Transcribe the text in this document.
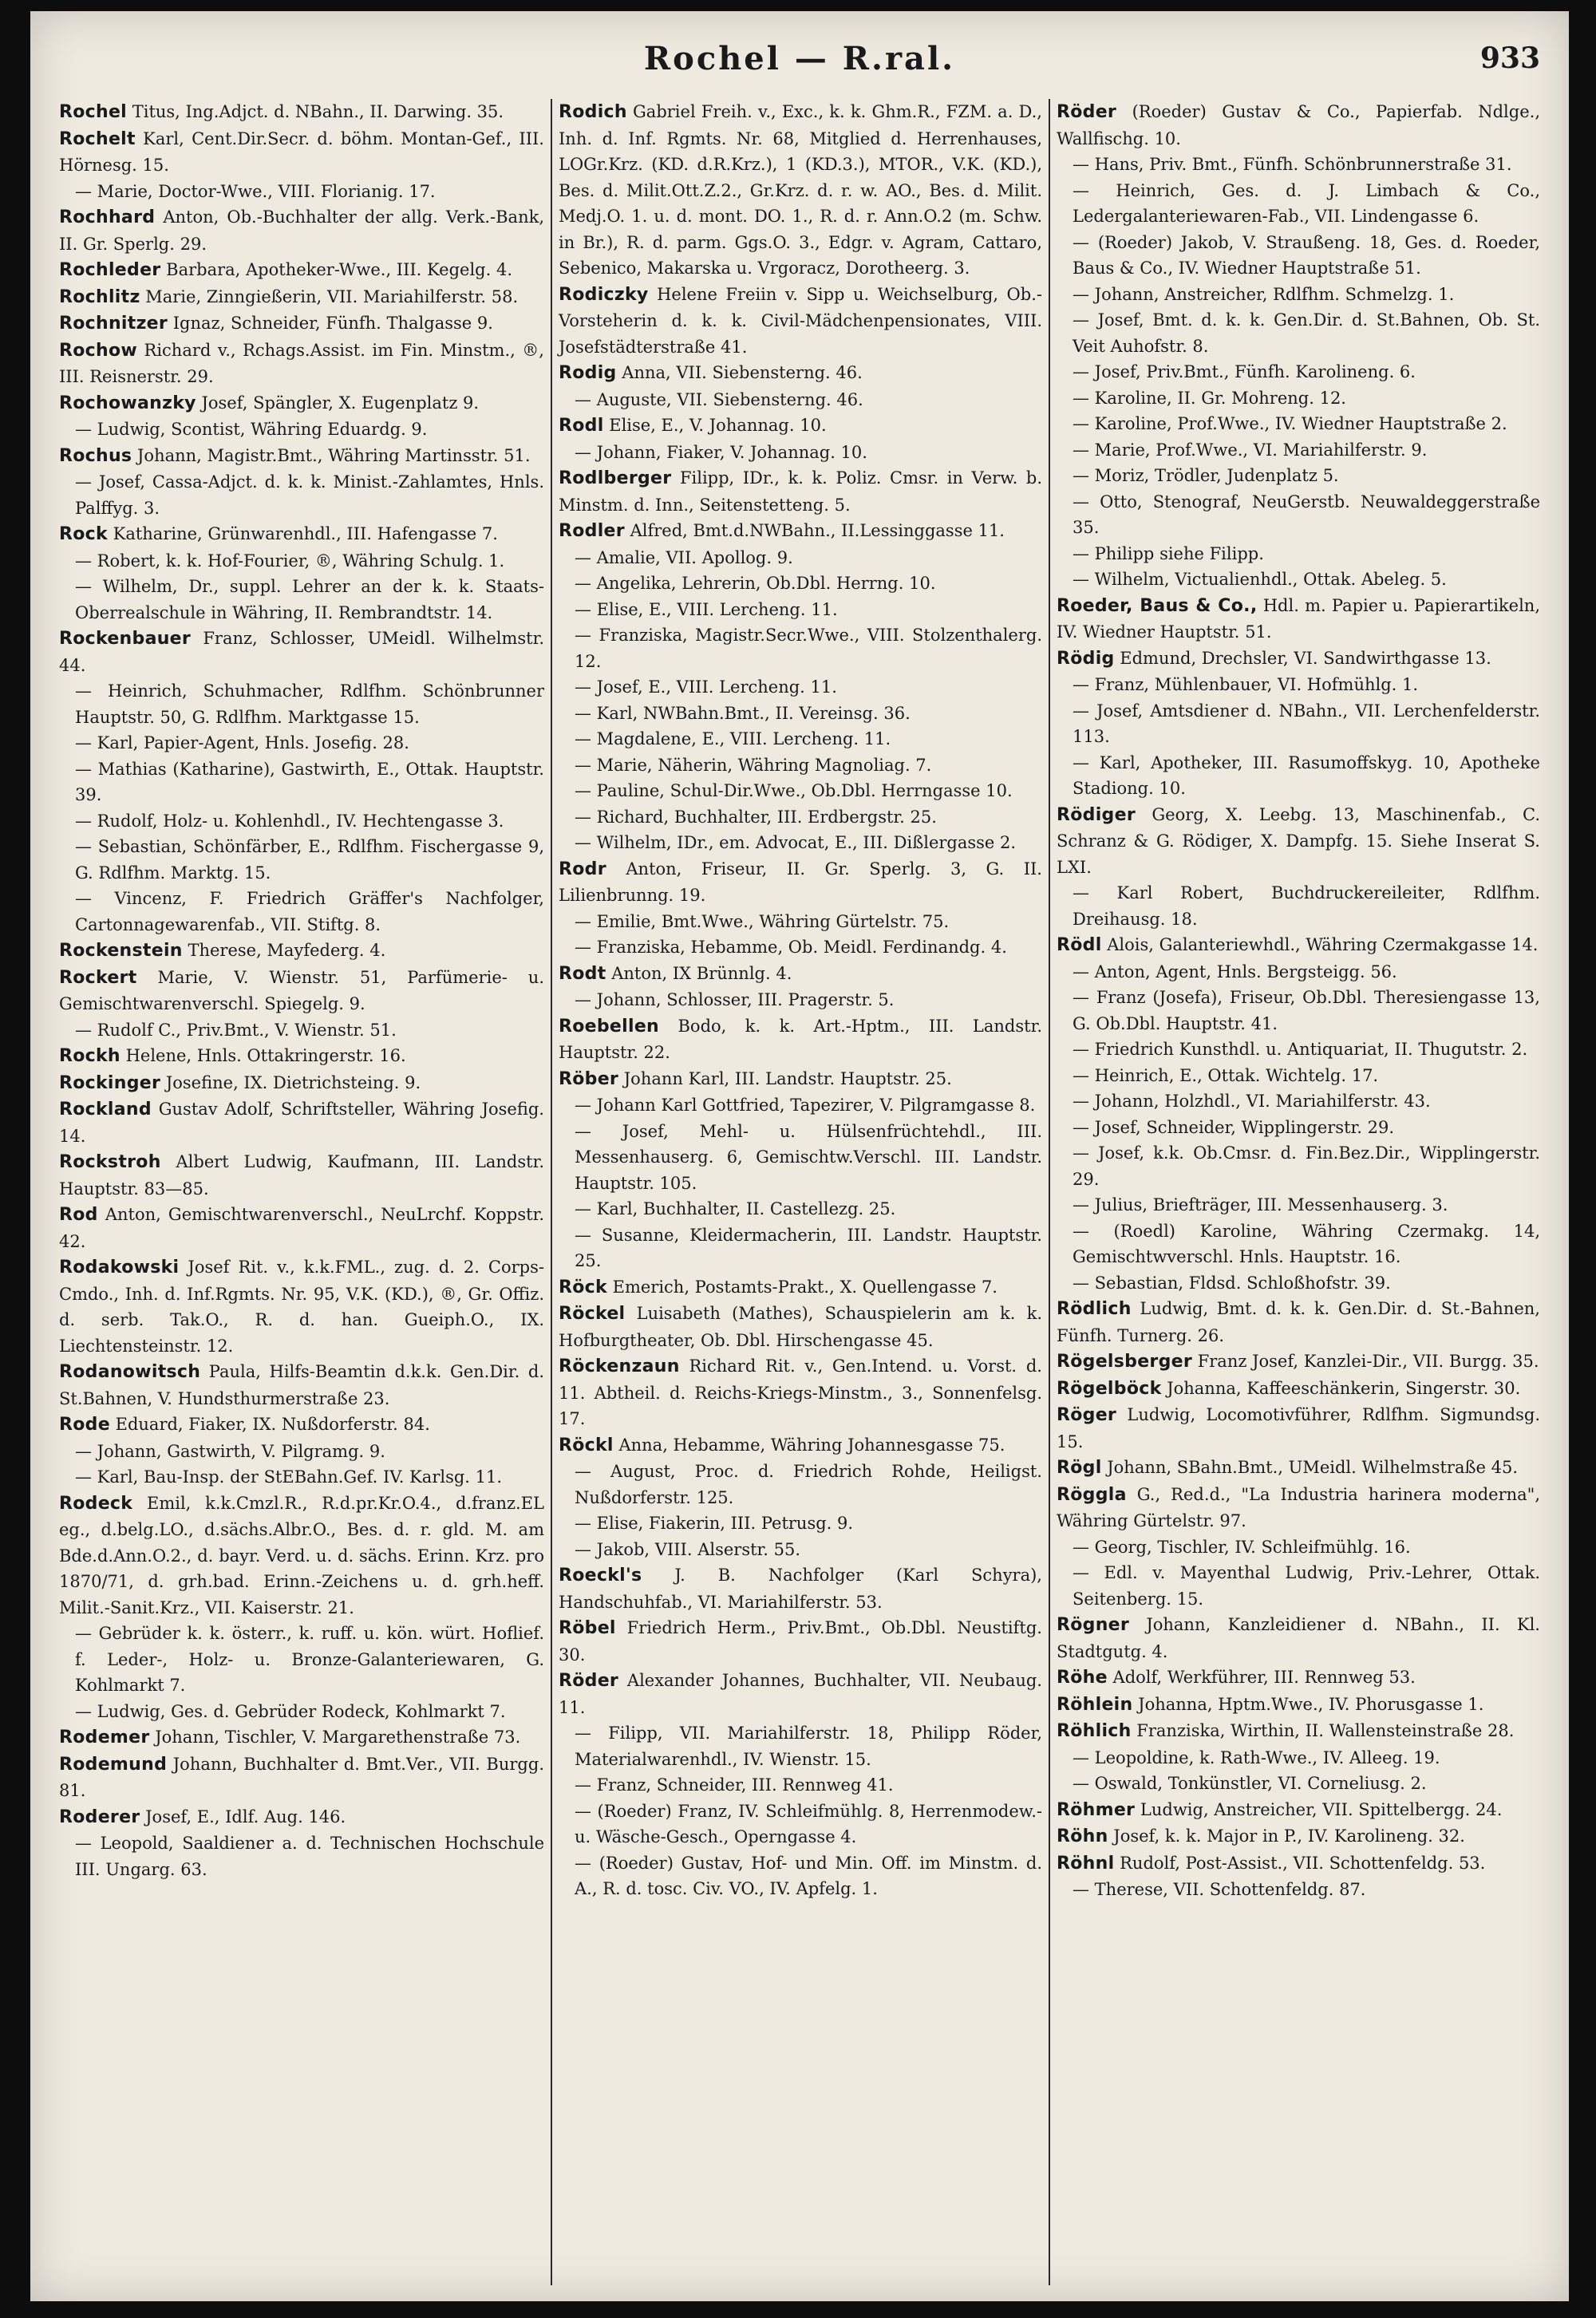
Rochel — R.ral.	933
Rochel Titus, Ing.Adjct. d. NBahn., II. Darwing. 35.
Rochelt Karl, Cent.Dir.Secr. d. böhm. Montan-Gef., III. Hörnesg. 15.
— Marie, Doctor-Wwe., VIII. Florianig. 17.
Rochhard Anton, Ob.-Buchhalter der allg. Verk.-Bank, II. Gr. Sperlg. 29.
Rochleder Barbara, Apotheker-Wwe., III. Kegelg. 4.
Rochlitz Marie, Zinngießerin, VII. Mariahilferstr. 58.
Rochnitzer Ignaz, Schneider, Fünfh. Thalgasse 9.
Rochow Richard v., Rchags.Assist. im Fin. Minstm., ®, III. Reisnerstr. 29.
Rochowanzky Josef, Spängler, X. Eugenplatz 9.
— Ludwig, Scontist, Währing Eduardg. 9.
Rochus Johann, Magistr.Bmt., Währing Martinsstr. 51.
— Josef, Cassa-Adjct. d. k. k. Minist.-Zahlamtes, Hnls. Palffyg. 3.
Rock Katharine, Grünwarenhdl., III. Hafengasse 7.
— Robert, k. k. Hof-Fourier, ®, Währing Schulg. 1.
— Wilhelm, Dr., suppl. Lehrer an der k. k. Staats-Oberrealschule in Währing, II. Rembrandtstr. 14.
Rockenbauer Franz, Schlosser, UMeidl. Wilhelmstr. 44.
— Heinrich, Schuhmacher, Rdlfhm. Schönbrunner Hauptstr. 50, G. Rdlfhm. Marktgasse 15.
— Karl, Papier-Agent, Hnls. Josefig. 28.
— Mathias (Katharine), Gastwirth, E., Ottak. Hauptstr. 39.
— Rudolf, Holz- u. Kohlenhdl., IV. Hechtengasse 3.
— Sebastian, Schönfärber, E., Rdlfhm. Fischergasse 9, G. Rdlfhm. Marktg. 15.
— Vincenz, F. Friedrich Gräffer's Nachfolger, Cartonnagewarenfab., VII. Stiftg. 8.
Rockenstein Therese, Mayfederg. 4.
Rockert Marie, V. Wienstr. 51, Parfümerie- u. Gemischtwarenverschl. Spiegelg. 9.
— Rudolf C., Priv.Bmt., V. Wienstr. 51.
Rockh Helene, Hnls. Ottakringerstr. 16.
Rockinger Josefine, IX. Dietrichsteing. 9.
Rockland Gustav Adolf, Schriftsteller, Währing Josefig. 14.
Rockstroh Albert Ludwig, Kaufmann, III. Landstr. Hauptstr. 83—85.
Rod Anton, Gemischtwarenverschl., NeuLrchf. Koppstr. 42.
Rodakowski Josef Rit. v., k.k.FML., zug. d. 2. Corps-Cmdo., Inh. d. Inf.Rgmts. Nr. 95, V.K. (KD.), ®, Gr. Offiz. d. serb. Tak.O., R. d. han. Gueiph.O., IX. Liechtensteinstr. 12.
Rodanowitsch Paula, Hilfs-Beamtin d.k.k. Gen.Dir. d. St.Bahnen, V. Hundsthurmerstraße 23.
Rode Eduard, Fiaker, IX. Nußdorferstr. 84.
— Johann, Gastwirth, V. Pilgramg. 9.
— Karl, Bau-Insp. der StEBahn.Gef. IV. Karlsg. 11.
Rodeck Emil, k.k.Cmzl.R., R.d.pr.Kr.O.4., d.franz.EL eg., d.belg.LO., d.sächs.Albr.O., Bes. d. r. gld. M. am Bde.d.Ann.O.2., d. bayr. Verd. u. d. sächs. Erinn. Krz. pro 1870/71, d. grh.bad. Erinn.-Zeichens u. d. grh.heff. Milit.-Sanit.Krz., VII. Kaiserstr. 21.
— Gebrüder k. k. österr., k. ruff. u. kön. würt. Hoflief. f. Leder-, Holz- u. Bronze-Galanteriewaren, G. Kohlmarkt 7.
— Ludwig, Ges. d. Gebrüder Rodeck, Kohlmarkt 7.
Rodemer Johann, Tischler, V. Margarethenstraße 73.
Rodemund Johann, Buchhalter d. Bmt.Ver., VII. Burgg. 81.
Roderer Josef, E., Idlf. Aug. 146.
— Leopold, Saaldiener a. d. Technischen Hochschule III. Ungarg. 63.
Rodich Gabriel Freih. v., Exc., k. k. Ghm.R., FZM. a. D., Inh. d. Inf. Rgmts. Nr. 68, Mitglied d. Herrenhauses, LOGr.Krz. (KD. d.R.Krz.), 1 (KD.3.), MTOR., V.K. (KD.), Bes. d. Milit.Ott.Z.2., Gr.Krz. d. r. w. AO., Bes. d. Milit. Medj.O. 1. u. d. mont. DO. 1., R. d. r. Ann.O.2 (m. Schw. in Br.), R. d. parm. Ggs.O. 3., Edgr. v. Agram, Cattaro, Sebenico, Makarska u. Vrgoracz, Dorotheerg. 3.
Rodiczky Helene Freiin v. Sipp u. Weichselburg, Ob.-Vorsteherin d. k. k. Civil-Mädchenpensionates, VIII. Josefstädterstraße 41.
Rodig Anna, VII. Siebensterng. 46.
— Auguste, VII. Siebensterng. 46.
Rodl Elise, E., V. Johannag. 10.
— Johann, Fiaker, V. Johannag. 10.
Rodlberger Filipp, IDr., k. k. Poliz. Cmsr. in Verw. b. Minstm. d. Inn., Seitenstetteng. 5.
Rodler Alfred, Bmt.d.NWBahn., II.Lessinggasse 11.
— Amalie, VII. Apollog. 9.
— Angelika, Lehrerin, Ob.Dbl. Herrng. 10.
— Elise, E., VIII. Lercheng. 11.
— Franziska, Magistr.Secr.Wwe., VIII. Stolzenthalerg. 12.
— Josef, E., VIII. Lercheng. 11.
— Karl, NWBahn.Bmt., II. Vereinsg. 36.
— Magdalene, E., VIII. Lercheng. 11.
— Marie, Näherin, Währing Magnoliag. 7.
— Pauline, Schul-Dir.Wwe., Ob.Dbl. Herrngasse 10.
— Richard, Buchhalter, III. Erdbergstr. 25.
— Wilhelm, IDr., em. Advocat, E., III. Dißlergasse 2.
Rodr Anton, Friseur, II. Gr. Sperlg. 3, G. II. Lilienbrunng. 19.
— Emilie, Bmt.Wwe., Währing Gürtelstr. 75.
— Franziska, Hebamme, Ob. Meidl. Ferdinandg. 4.
Rodt Anton, IX Brünnlg. 4.
— Johann, Schlosser, III. Pragerstr. 5.
Roebellen Bodo, k. k. Art.-Hptm., III. Landstr. Hauptstr. 22.
Röber Johann Karl, III. Landstr. Hauptstr. 25.
— Johann Karl Gottfried, Tapezirer, V. Pilgramgasse 8.
— Josef, Mehl- u. Hülsenfrüchtehdl., III. Messenhauserg. 6, Gemischtw.Verschl. III. Landstr. Hauptstr. 105.
— Karl, Buchhalter, II. Castellezg. 25.
— Susanne, Kleidermacherin, III. Landstr. Hauptstr. 25.
Röck Emerich, Postamts-Prakt., X. Quellengasse 7.
Röckel Luisabeth (Mathes), Schauspielerin am k. k. Hofburgtheater, Ob. Dbl. Hirschengasse 45.
Röckenzaun Richard Rit. v., Gen.Intend. u. Vorst. d. 11. Abtheil. d. Reichs-Kriegs-Minstm., 3., Sonnenfelsg. 17.
Röckl Anna, Hebamme, Währing Johannesgasse 75.
— August, Proc. d. Friedrich Rohde, Heiligst. Nußdorferstr. 125.
— Elise, Fiakerin, III. Petrusg. 9.
— Jakob, VIII. Alserstr. 55.
Roeckl's J. B. Nachfolger (Karl Schyra), Handschuhfab., VI. Mariahilferstr. 53.
Röbel Friedrich Herm., Priv.Bmt., Ob.Dbl. Neustiftg. 30.
Röder Alexander Johannes, Buchhalter, VII. Neubaug. 11.
— Filipp, VII. Mariahilferstr. 18, Philipp Röder, Materialwarenhdl., IV. Wienstr. 15.
— Franz, Schneider, III. Rennweg 41.
— (Roeder) Franz, IV. Schleifmühlg. 8, Herrenmodew.- u. Wäsche-Gesch., Operngasse 4.
— (Roeder) Gustav, Hof- und Min. Off. im Minstm. d. A., R. d. tosc. Civ. VO., IV. Apfelg. 1.
Röder (Roeder) Gustav & Co., Papierfab. Ndlge., Wallfischg. 10.
— Hans, Priv. Bmt., Fünfh. Schönbrunnerstraße 31.
— Heinrich, Ges. d. J. Limbach & Co., Ledergalanteriewaren-Fab., VII. Lindengasse 6.
— (Roeder) Jakob, V. Straußeng. 18, Ges. d. Roeder, Baus & Co., IV. Wiedner Hauptstraße 51.
— Johann, Anstreicher, Rdlfhm. Schmelzg. 1.
— Josef, Bmt. d. k. k. Gen.Dir. d. St.Bahnen, Ob. St. Veit Auhofstr. 8.
— Josef, Priv.Bmt., Fünfh. Karolineng. 6.
— Karoline, II. Gr. Mohreng. 12.
— Karoline, Prof.Wwe., IV. Wiedner Hauptstraße 2.
— Marie, Prof.Wwe., VI. Mariahilferstr. 9.
— Moriz, Trödler, Judenplatz 5.
— Otto, Stenograf, NeuGerstb. Neuwaldeggerstraße 35.
— Philipp siehe Filipp.
— Wilhelm, Victualienhdl., Ottak. Abeleg. 5.
Roeder, Baus & Co., Hdl. m. Papier u. Papierartikeln, IV. Wiedner Hauptstr. 51.
Rödig Edmund, Drechsler, VI. Sandwirthgasse 13.
— Franz, Mühlenbauer, VI. Hofmühlg. 1.
— Josef, Amtsdiener d. NBahn., VII. Lerchenfelderstr. 113.
— Karl, Apotheker, III. Rasumoffskyg. 10, Apotheke Stadiong. 10.
Rödiger Georg, X. Leebg. 13, Maschinenfab., C. Schranz & G. Rödiger, X. Dampfg. 15. Siehe Inserat S. LXI.
— Karl Robert, Buchdruckereileiter, Rdlfhm. Dreihausg. 18.
Rödl Alois, Galanteriewhdl., Währing Czermakgasse 14.
— Anton, Agent, Hnls. Bergsteigg. 56.
— Franz (Josefa), Friseur, Ob.Dbl. Theresiengasse 13, G. Ob.Dbl. Hauptstr. 41.
— Friedrich Kunsthdl. u. Antiquariat, II. Thugutstr. 2.
— Heinrich, E., Ottak. Wichtelg. 17.
— Johann, Holzhdl., VI. Mariahilferstr. 43.
— Josef, Schneider, Wipplingerstr. 29.
— Josef, k.k. Ob.Cmsr. d. Fin.Bez.Dir., Wipplingerstr. 29.
— Julius, Briefträger, III. Messenhauserg. 3.
— (Roedl) Karoline, Währing Czermakg. 14, Gemischtwverschl. Hnls. Hauptstr. 16.
— Sebastian, Fldsd. Schloßhofstr. 39.
Rödlich Ludwig, Bmt. d. k. k. Gen.Dir. d. St.-Bahnen, Fünfh. Turnerg. 26.
Rögelsberger Franz Josef, Kanzlei-Dir., VII. Burgg. 35.
Rögelböck Johanna, Kaffeeschänkerin, Singerstr. 30.
Röger Ludwig, Locomotivführer, Rdlfhm. Sigmundsg. 15.
Rögl Johann, SBahn.Bmt., UMeidl. Wilhelmstraße 45.
Röggla G., Red.d., "La Industria harinera moderna", Währing Gürtelstr. 97.
— Georg, Tischler, IV. Schleifmühlg. 16.
— Edl. v. Mayenthal Ludwig, Priv.-Lehrer, Ottak. Seitenberg. 15.
Rögner Johann, Kanzleidiener d. NBahn., II. Kl. Stadtgutg. 4.
Röhe Adolf, Werkführer, III. Rennweg 53.
Röhlein Johanna, Hptm.Wwe., IV. Phorusgasse 1.
Röhlich Franziska, Wirthin, II. Wallensteinstraße 28.
— Leopoldine, k. Rath-Wwe., IV. Alleeg. 19.
— Oswald, Tonkünstler, VI. Corneliusg. 2.
Röhmer Ludwig, Anstreicher, VII. Spittelbergg. 24.
Röhn Josef, k. k. Major in P., IV. Karolineng. 32.
Röhnl Rudolf, Post-Assist., VII. Schottenfeldg. 53.
— Therese, VII. Schottenfeldg. 87.
